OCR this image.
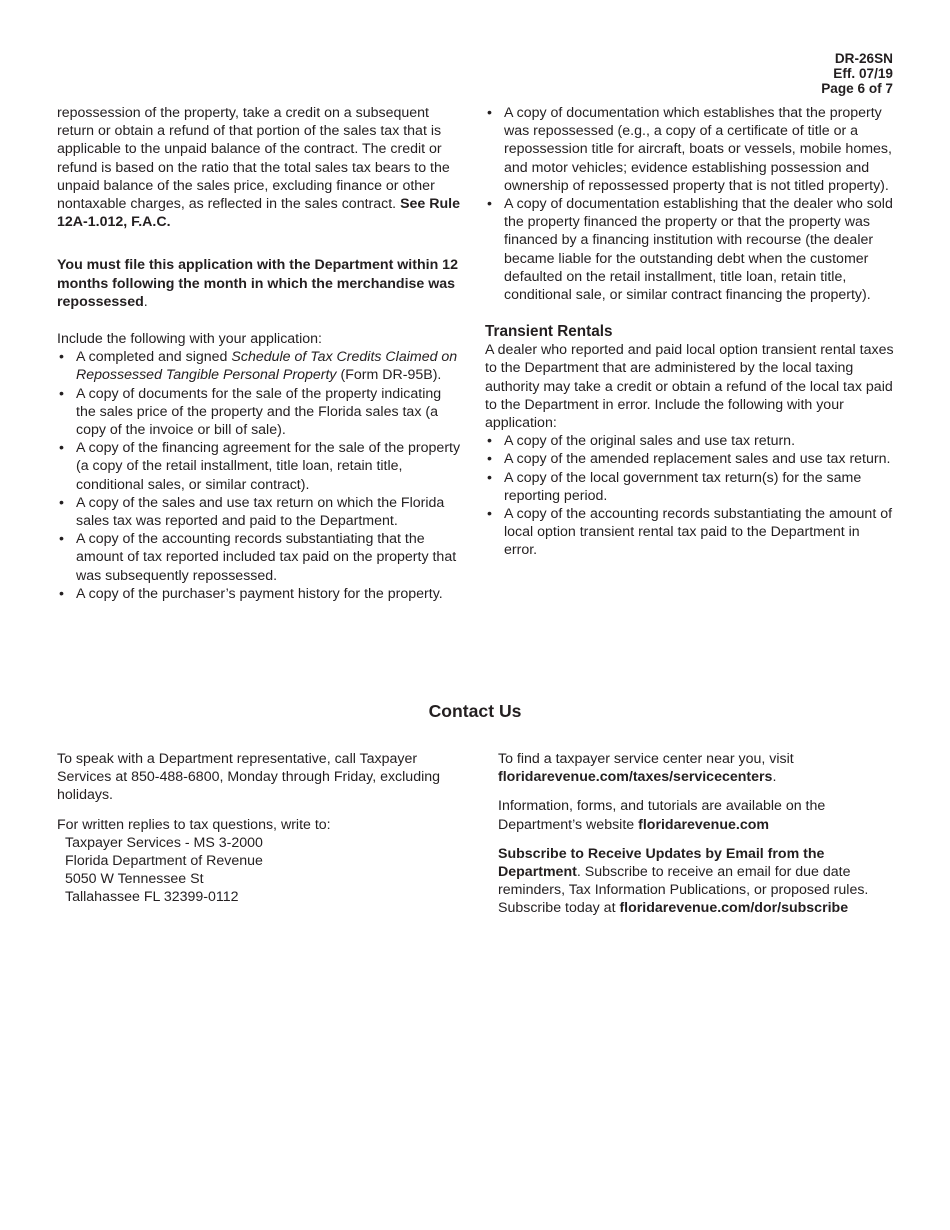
DR-26SN
Eff. 07/19
Page 6 of 7

repossession of the property, take a credit on a subsequent return or obtain a refund of that portion of the sales tax that is applicable to the unpaid balance of the contract. The credit or refund is based on the ratio that the total sales tax bears to the unpaid balance of the sales price, excluding finance or other nontaxable charges, as reflected in the sales contract. See Rule 12A-1.012, F.A.C.

You must file this application with the Department within 12 months following the month in which the merchandise was repossessed.

Include the following with your application:

• A completed and signed Schedule of Tax Credits Claimed on Repossessed Tangible Personal Property (Form DR-95B).
• A copy of documents for the sale of the property indicating the sales price of the property and the Florida sales tax (a copy of the invoice or bill of sale).
• A copy of the financing agreement for the sale of the property (a copy of the retail installment, title loan, retain title, conditional sales, or similar contract).
• A copy of the sales and use tax return on which the Florida sales tax was reported and paid to the Department.
• A copy of the accounting records substantiating that the amount of tax reported included tax paid on the property that was subsequently repossessed.
• A copy of the purchaser’s payment history for the property.
• A copy of documentation which establishes that the property was repossessed (e.g., a copy of a certificate of title or a repossession title for aircraft, boats or vessels, mobile homes, and motor vehicles; evidence establishing possession and ownership of repossessed property that is not titled property).
• A copy of documentation establishing that the dealer who sold the property financed the property or that the property was financed by a financing institution with recourse (the dealer became liable for the outstanding debt when the customer defaulted on the retail installment, title loan, retain title, conditional sale, or similar contract financing the property).
Transient Rentals

A dealer who reported and paid local option transient rental taxes to the Department that are administered by the local taxing authority may take a credit or obtain a refund of the local tax paid to the Department in error. Include the following with your application:

• A copy of the original sales and use tax return.
• A copy of the amended replacement sales and use tax return.
• A copy of the local government tax return(s) for the same reporting period.
• A copy of the accounting records substantiating the amount of local option transient rental tax paid to the Department in error.
Contact Us

To speak with a Department representative, call Taxpayer Services at 850-488-6800, Monday through Friday, excluding holidays.

For written replies to tax questions, write to:

Taxpayer Services - MS 3-2000
Florida Department of Revenue
5050 W Tennessee St
Tallahassee FL 32399-0112

To find a taxpayer service center near you, visit floridarevenue.com/taxes/servicecenters.

Information, forms, and tutorials are available on the Department’s website floridarevenue.com

Subscribe to Receive Updates by Email from the Department. Subscribe to receive an email for due date reminders, Tax Information Publications, or proposed rules. Subscribe today at floridarevenue.com/dor/subscribe
